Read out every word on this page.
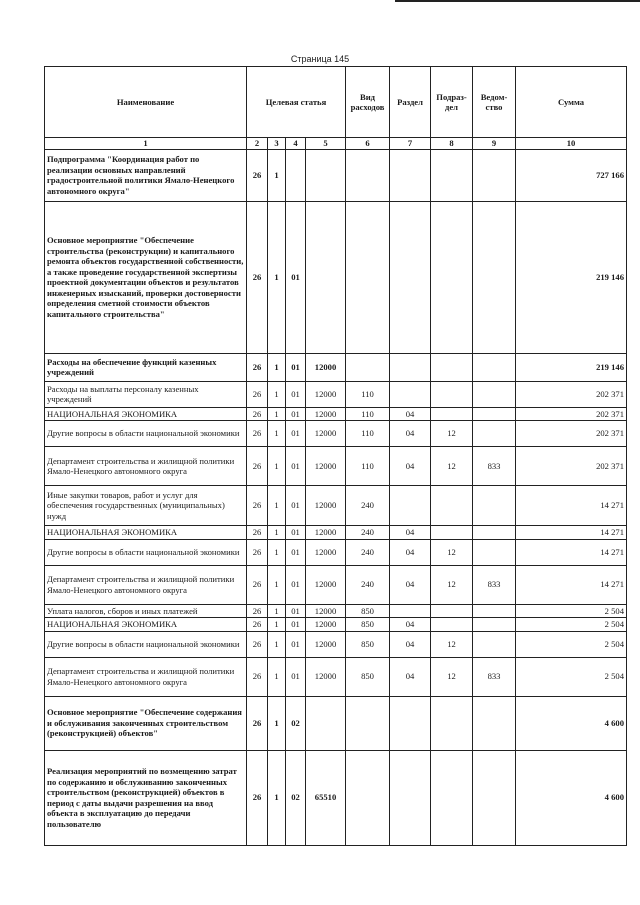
Страница 145
Наименование	Целевая статья				Вид расходов	Раздел	Подраз-дел	Ведом-ство	Сумма
1	2	3	4	5	6	7	8	9	10
Подпрограмма "Координация работ по реализации основных направлений градостроительной политики Ямало-Ненецкого автономного округа"	26	1							727 166
Основное мероприятие "Обеспечение строительства (реконструкции) и капитального ремонта объектов государственной собственности, а также проведение государственной экспертизы проектной документации объектов и результатов инженерных изысканий, проверки достоверности определения сметной стоимости объектов капитального строительства"	26	1	01						219 146
Расходы на обеспечение функций казенных учреждений	26	1	01	12000					219 146
Расходы на выплаты персоналу казенных учреждений	26	1	01	12000	110				202 371
НАЦИОНАЛЬНАЯ ЭКОНОМИКА	26	1	01	12000	110	04			202 371
Другие вопросы в области национальной экономики	26	1	01	12000	110	04	12		202 371
Департамент строительства и жилищной политики Ямало-Ненецкого автономного округа	26	1	01	12000	110	04	12	833	202 371
Иные закупки товаров, работ и услуг для обеспечения государственных (муниципальных) нужд	26	1	01	12000	240				14 271
НАЦИОНАЛЬНАЯ ЭКОНОМИКА	26	1	01	12000	240	04			14 271
Другие вопросы в области национальной экономики	26	1	01	12000	240	04	12		14 271
Департамент строительства и жилищной политики Ямало-Ненецкого автономного округа	26	1	01	12000	240	04	12	833	14 271
Уплата налогов, сборов и иных платежей	26	1	01	12000	850				2 504
НАЦИОНАЛЬНАЯ ЭКОНОМИКА	26	1	01	12000	850	04			2 504
Другие вопросы в области национальной экономики	26	1	01	12000	850	04	12		2 504
Департамент строительства и жилищной политики Ямало-Ненецкого автономного округа	26	1	01	12000	850	04	12	833	2 504
Основное мероприятие "Обеспечение содержания и обслуживания законченных строительством (реконструкцией) объектов"	26	1	02						4 600
Реализация мероприятий по возмещению затрат по содержанию и обслуживанию законченных строительством (реконструкцией) объектов в период с даты выдачи разрешения на ввод объекта в эксплуатацию до передачи пользователю	26	1	02	65510					4 600
